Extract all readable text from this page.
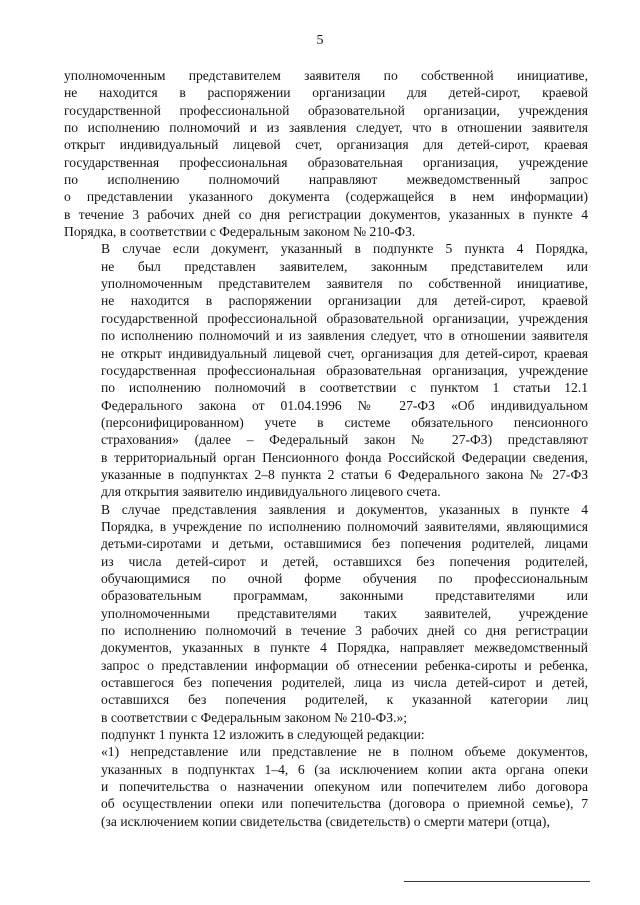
5

уполномоченным представителем заявителя по собственной инициативе,
не находится в распоряжении организации для детей-сирот, краевой
государственной профессиональной образовательной организации, учреждения
по исполнению полномочий и из заявления следует, что в отношении заявителя
открыт индивидуальный лицевой счет, организация для детей-сирот, краевая
государственная профессиональная образовательная организация, учреждение
по исполнению полномочий направляют межведомственный запрос
о представлении указанного документа (содержащейся в нем информации)
в течение 3 рабочих дней со дня регистрации документов, указанных в пункте 4
Порядка, в соответствии с Федеральным законом № 210-ФЗ.

В случае если документ, указанный в подпункте 5 пункта 4 Порядка,
не был представлен заявителем, законным представителем или
уполномоченным представителем заявителя по собственной инициативе,
не находится в распоряжении организации для детей-сирот, краевой
государственной профессиональной образовательной организации, учреждения
по исполнению полномочий и из заявления следует, что в отношении заявителя
не открыт индивидуальный лицевой счет, организация для детей-сирот, краевая
государственная профессиональная образовательная организация, учреждение
по исполнению полномочий в соответствии с пунктом 1 статьи 12.1
Федерального закона от 01.04.1996 № 27-ФЗ «Об индивидуальном
(персонифицированном) учете в системе обязательного пенсионного
страхования» (далее – Федеральный закон № 27-ФЗ) представляют
в территориальный орган Пенсионного фонда Российской Федерации сведения,
указанные в подпунктах 2–8 пункта 2 статьи 6 Федерального закона № 27-ФЗ
для открытия заявителю индивидуального лицевого счета.

В случае представления заявления и документов, указанных в пункте 4
Порядка, в учреждение по исполнению полномочий заявителями, являющимися
детьми-сиротами и детьми, оставшимися без попечения родителей, лицами
из числа детей-сирот и детей, оставшихся без попечения родителей,
обучающимися по очной форме обучения по профессиональным
образовательным программам, законными представителями или
уполномоченными представителями таких заявителей, учреждение
по исполнению полномочий в течение 3 рабочих дней со дня регистрации
документов, указанных в пункте 4 Порядка, направляет межведомственный
запрос о представлении информации об отнесении ребенка-сироты и ребенка,
оставшегося без попечения родителей, лица из числа детей-сирот и детей,
оставшихся без попечения родителей, к указанной категории лиц
в соответствии с Федеральным законом № 210-ФЗ.»;

подпункт 1 пункта 12 изложить в следующей редакции:

«1) непредставление или представление не в полном объеме документов,
указанных в подпунктах 1–4, 6 (за исключением копии акта органа опеки
и попечительства о назначении опекуном или попечителем либо договора
об осуществлении опеки или попечительства (договора о приемной семье), 7
(за исключением копии свидетельства (свидетельств) о смерти матери (отца),
